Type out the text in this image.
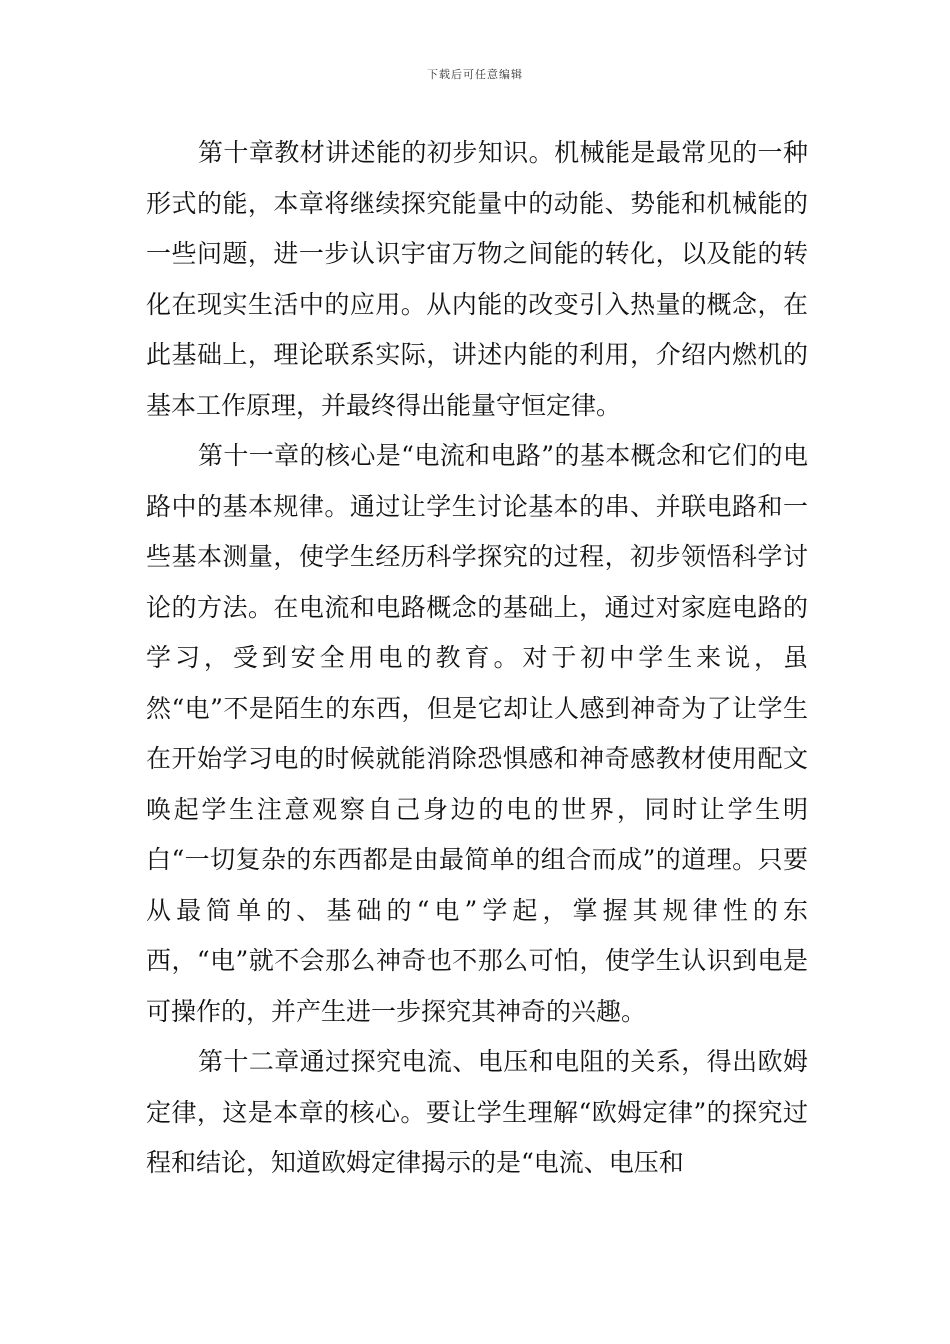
下载后可任意编辑

第十章教材讲述能的初步知识。机械能是最常见的一种形式的能，本章将继续探究能量中的动能、势能和机械能的一些问题，进一步认识宇宙万物之间能的转化，以及能的转化在现实生活中的应用。从内能的改变引入热量的概念，在此基础上，理论联系实际，讲述内能的利用，介绍内燃机的基本工作原理，并最终得出能量守恒定律。

第十一章的核心是“电流和电路”的基本概念和它们的电路中的基本规律。通过让学生讨论基本的串、并联电路和一些基本测量，使学生经历科学探究的过程，初步领悟科学讨论的方法。在电流和电路概念的基础上，通过对家庭电路的学习，受到安全用电的教育。对于初中学生来说，虽然“电”不是陌生的东西，但是它却让人感到神奇为了让学生在开始学习电的时候就能消除恐惧感和神奇感教材使用配文唤起学生注意观察自己身边的电的世界，同时让学生明白“一切复杂的东西都是由最简单的组合而成”的道理。只要从最简单的、基础的“电”学起，掌握其规律性的东西，“电”就不会那么神奇也不那么可怕，使学生认识到电是可操作的，并产生进一步探究其神奇的兴趣。

第十二章通过探究电流、电压和电阻的关系，得出欧姆定律，这是本章的核心。要让学生理解“欧姆定律”的探究过程和结论，知道欧姆定律揭示的是“电流、电压和
